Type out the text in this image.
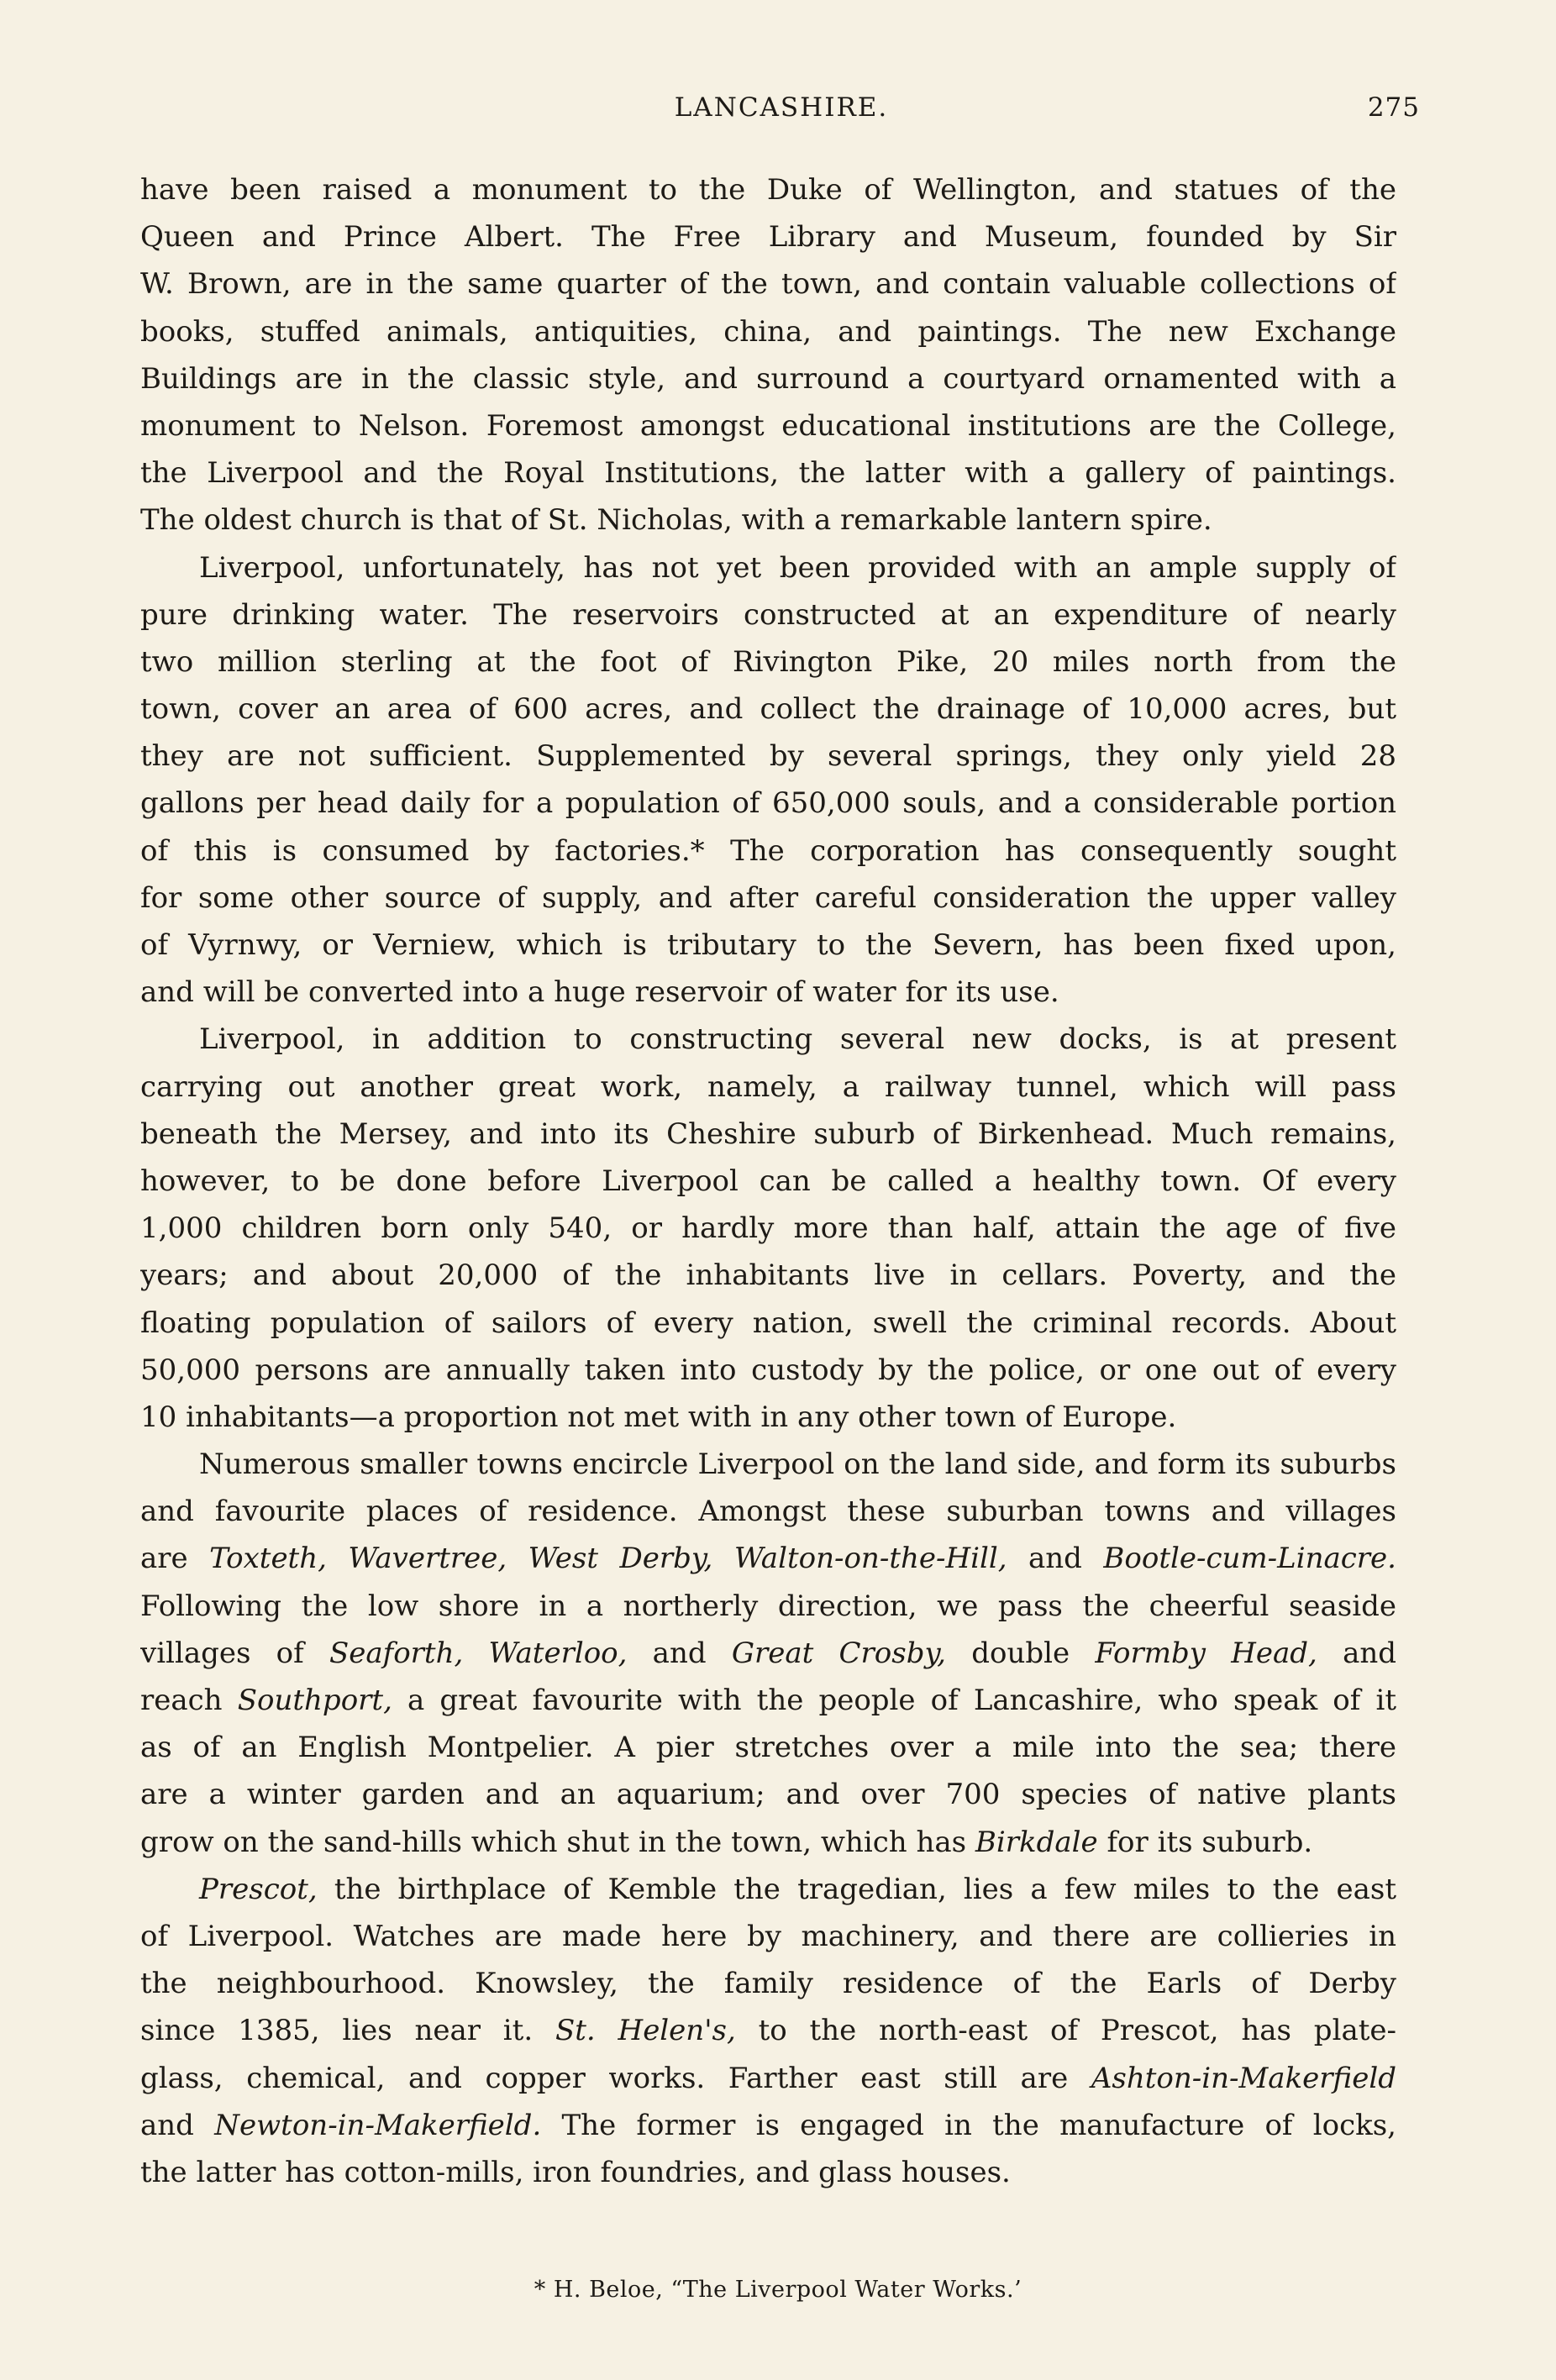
LANCASHIRE.	275
have been raised a monument to the Duke of Wellington, and statues of the
Queen and Prince Albert. The Free Library and Museum, founded by Sir
W. Brown, are in the same quarter of the town, and contain valuable collections of
books, stuffed animals, antiquities, china, and paintings. The new Exchange
Buildings are in the classic style, and surround a courtyard ornamented with a
monument to Nelson. Foremost amongst educational institutions are the College,
the Liverpool and the Royal Institutions, the latter with a gallery of paintings.
The oldest church is that of St. Nicholas, with a remarkable lantern spire.
Liverpool, unfortunately, has not yet been provided with an ample supply of
pure drinking water. The reservoirs constructed at an expenditure of nearly
two million sterling at the foot of Rivington Pike, 20 miles north from the
town, cover an area of 600 acres, and collect the drainage of 10,000 acres, but
they are not sufficient. Supplemented by several springs, they only yield 28
gallons per head daily for a population of 650,000 souls, and a considerable portion
of this is consumed by factories.* The corporation has consequently sought
for some other source of supply, and after careful consideration the upper valley
of Vyrnwy, or Verniew, which is tributary to the Severn, has been fixed upon,
and will be converted into a huge reservoir of water for its use.
Liverpool, in addition to constructing several new docks, is at present
carrying out another great work, namely, a railway tunnel, which will pass
beneath the Mersey, and into its Cheshire suburb of Birkenhead. Much remains,
however, to be done before Liverpool can be called a healthy town. Of every
1,000 children born only 540, or hardly more than half, attain the age of five
years; and about 20,000 of the inhabitants live in cellars. Poverty, and the
floating population of sailors of every nation, swell the criminal records. About
50,000 persons are annually taken into custody by the police, or one out of every
10 inhabitants—a proportion not met with in any other town of Europe.
Numerous smaller towns encircle Liverpool on the land side, and form its suburbs
and favourite places of residence. Amongst these suburban towns and villages
are Toxteth, Wavertree, West Derby, Walton-on-the-Hill, and Bootle-cum-Linacre.
Following the low shore in a northerly direction, we pass the cheerful seaside
villages of Seaforth, Waterloo, and Great Crosby, double Formby Head, and
reach Southport, a great favourite with the people of Lancashire, who speak of it
as of an English Montpelier. A pier stretches over a mile into the sea; there
are a winter garden and an aquarium; and over 700 species of native plants
grow on the sand-hills which shut in the town, which has Birkdale for its suburb.
Prescot, the birthplace of Kemble the tragedian, lies a few miles to the east
of Liverpool. Watches are made here by machinery, and there are collieries in
the neighbourhood. Knowsley, the family residence of the Earls of Derby
since 1385, lies near it. St. Helen's, to the north-east of Prescot, has plate-
glass, chemical, and copper works. Farther east still are Ashton-in-Makerfield
and Newton-in-Makerfield. The former is engaged in the manufacture of locks,
the latter has cotton-mills, iron foundries, and glass houses.
* H. Beloe, “The Liverpool Water Works.’
